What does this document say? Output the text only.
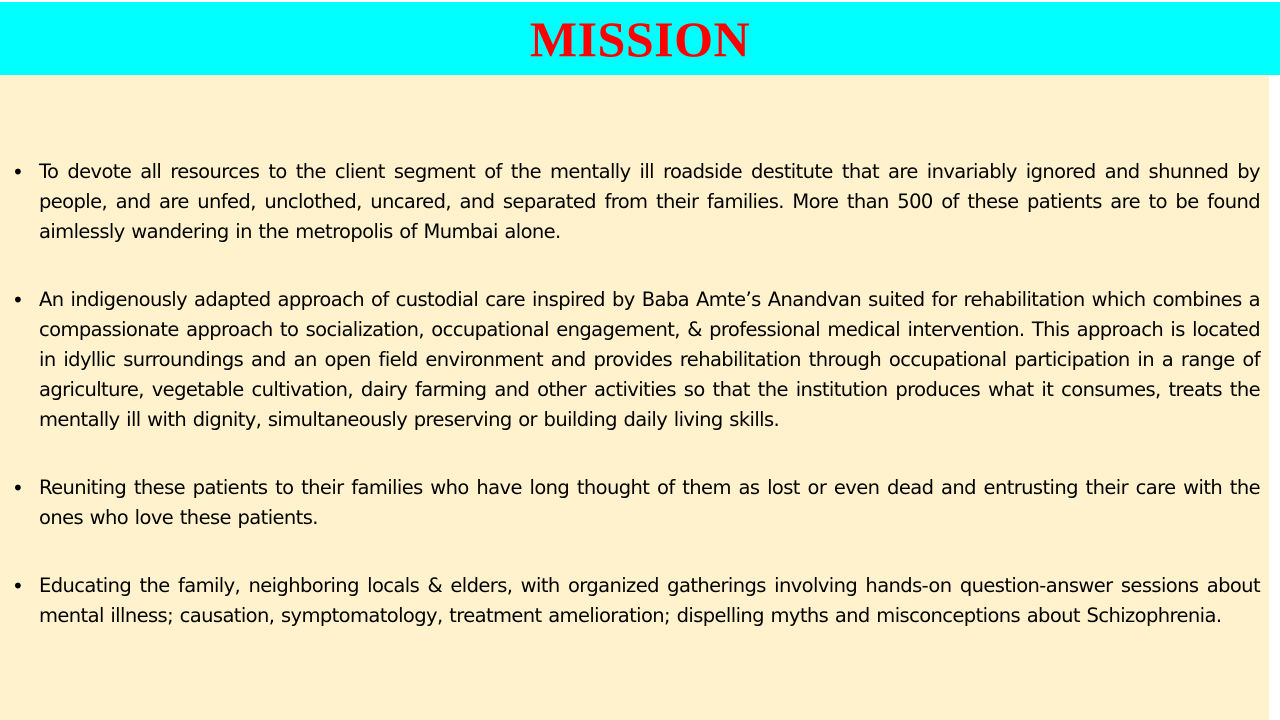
MISSION
• To devote all resources to the client segment of the mentally ill roadside destitute that are invariably ignored and shunned by people, and are unfed, unclothed, uncared, and separated from their families. More than 500 of these patients are to be found aimlessly wandering in the metropolis of Mumbai alone.
• An indigenously adapted approach of custodial care inspired by Baba Amte’s Anandvan suited for rehabilitation which combines a compassionate approach to socialization, occupational engagement, & professional medical intervention. This approach is located in idyllic surroundings and an open field environment and provides rehabilitation through occupational participation in a range of agriculture, vegetable cultivation, dairy farming and other activities so that the institution produces what it consumes, treats the mentally ill with dignity, simultaneously preserving or building daily living skills.
• Reuniting these patients to their families who have long thought of them as lost or even dead and entrusting their care with the ones who love these patients.
• Educating the family, neighboring locals & elders, with organized gatherings involving hands-on question-answer sessions about mental illness; causation, symptomatology, treatment amelioration; dispelling myths and misconceptions about Schizophrenia.
